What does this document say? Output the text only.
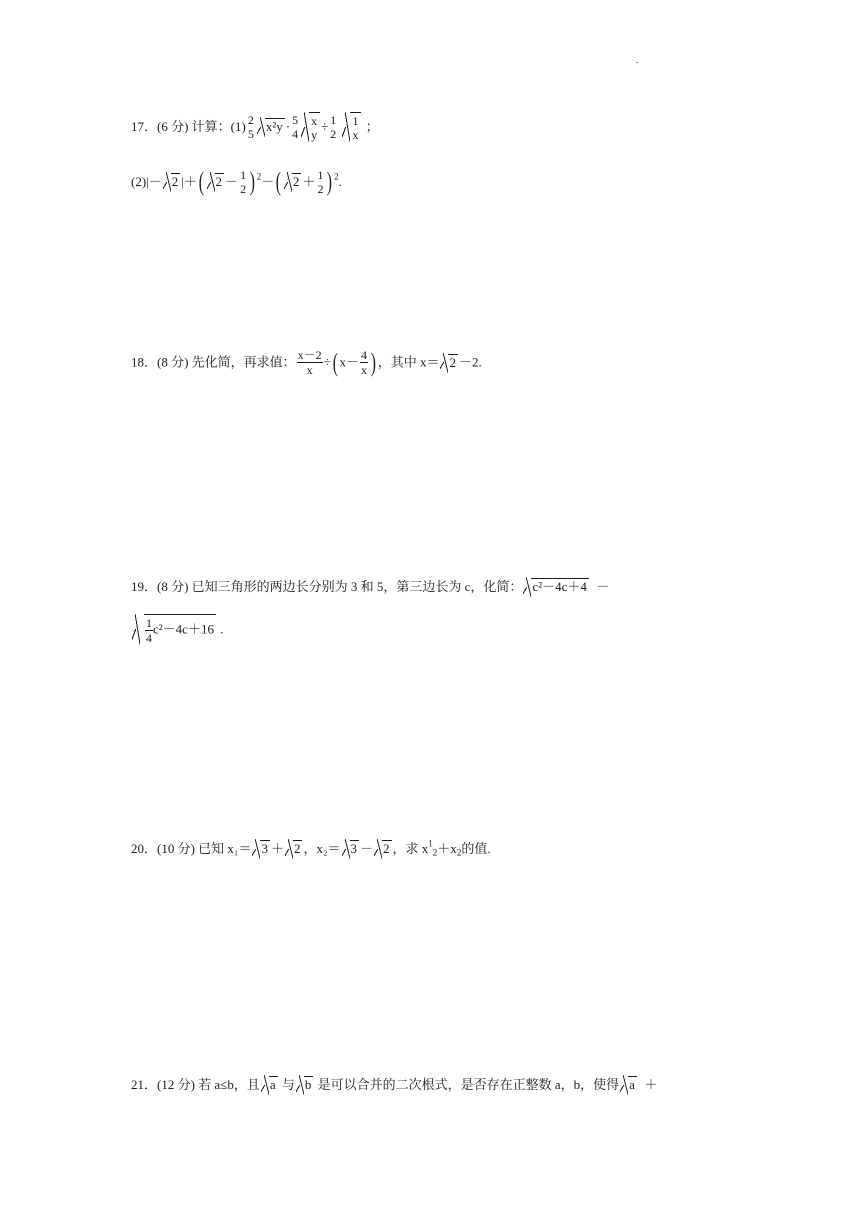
.
17．(6 分) 计算：(1) 2
5 x²y · 5
4
x
y
÷ 1
2

1
x
；
(2)|－ 2 |＋( 2 － 1
2 ) $^2$－( 2 ＋ 1
2 ) $^2$.
18．(8 分) 先化简，再求值： $\frac{x-2}{x}$ ÷( $x- \frac{4}{x}$ ) ，其中 x＝ 2 －2.
19．(8 分) 已知三角形的两边长分别为 3 和 5，第三边长为 c，化简： c²－4c＋4 －
$\frac{1}{4} c^2-4c+16$ .
20．(10 分) 已知 x₁＝ 3 ＋ 2 ，x₂＝ 3 － 2 ，求 $x^1_2+x_2$的值.
21．(12 分) 若 a≤b，且 a 与 b 是可以合并的二次根式，是否存在正整数 a，b，使得 a ＋
